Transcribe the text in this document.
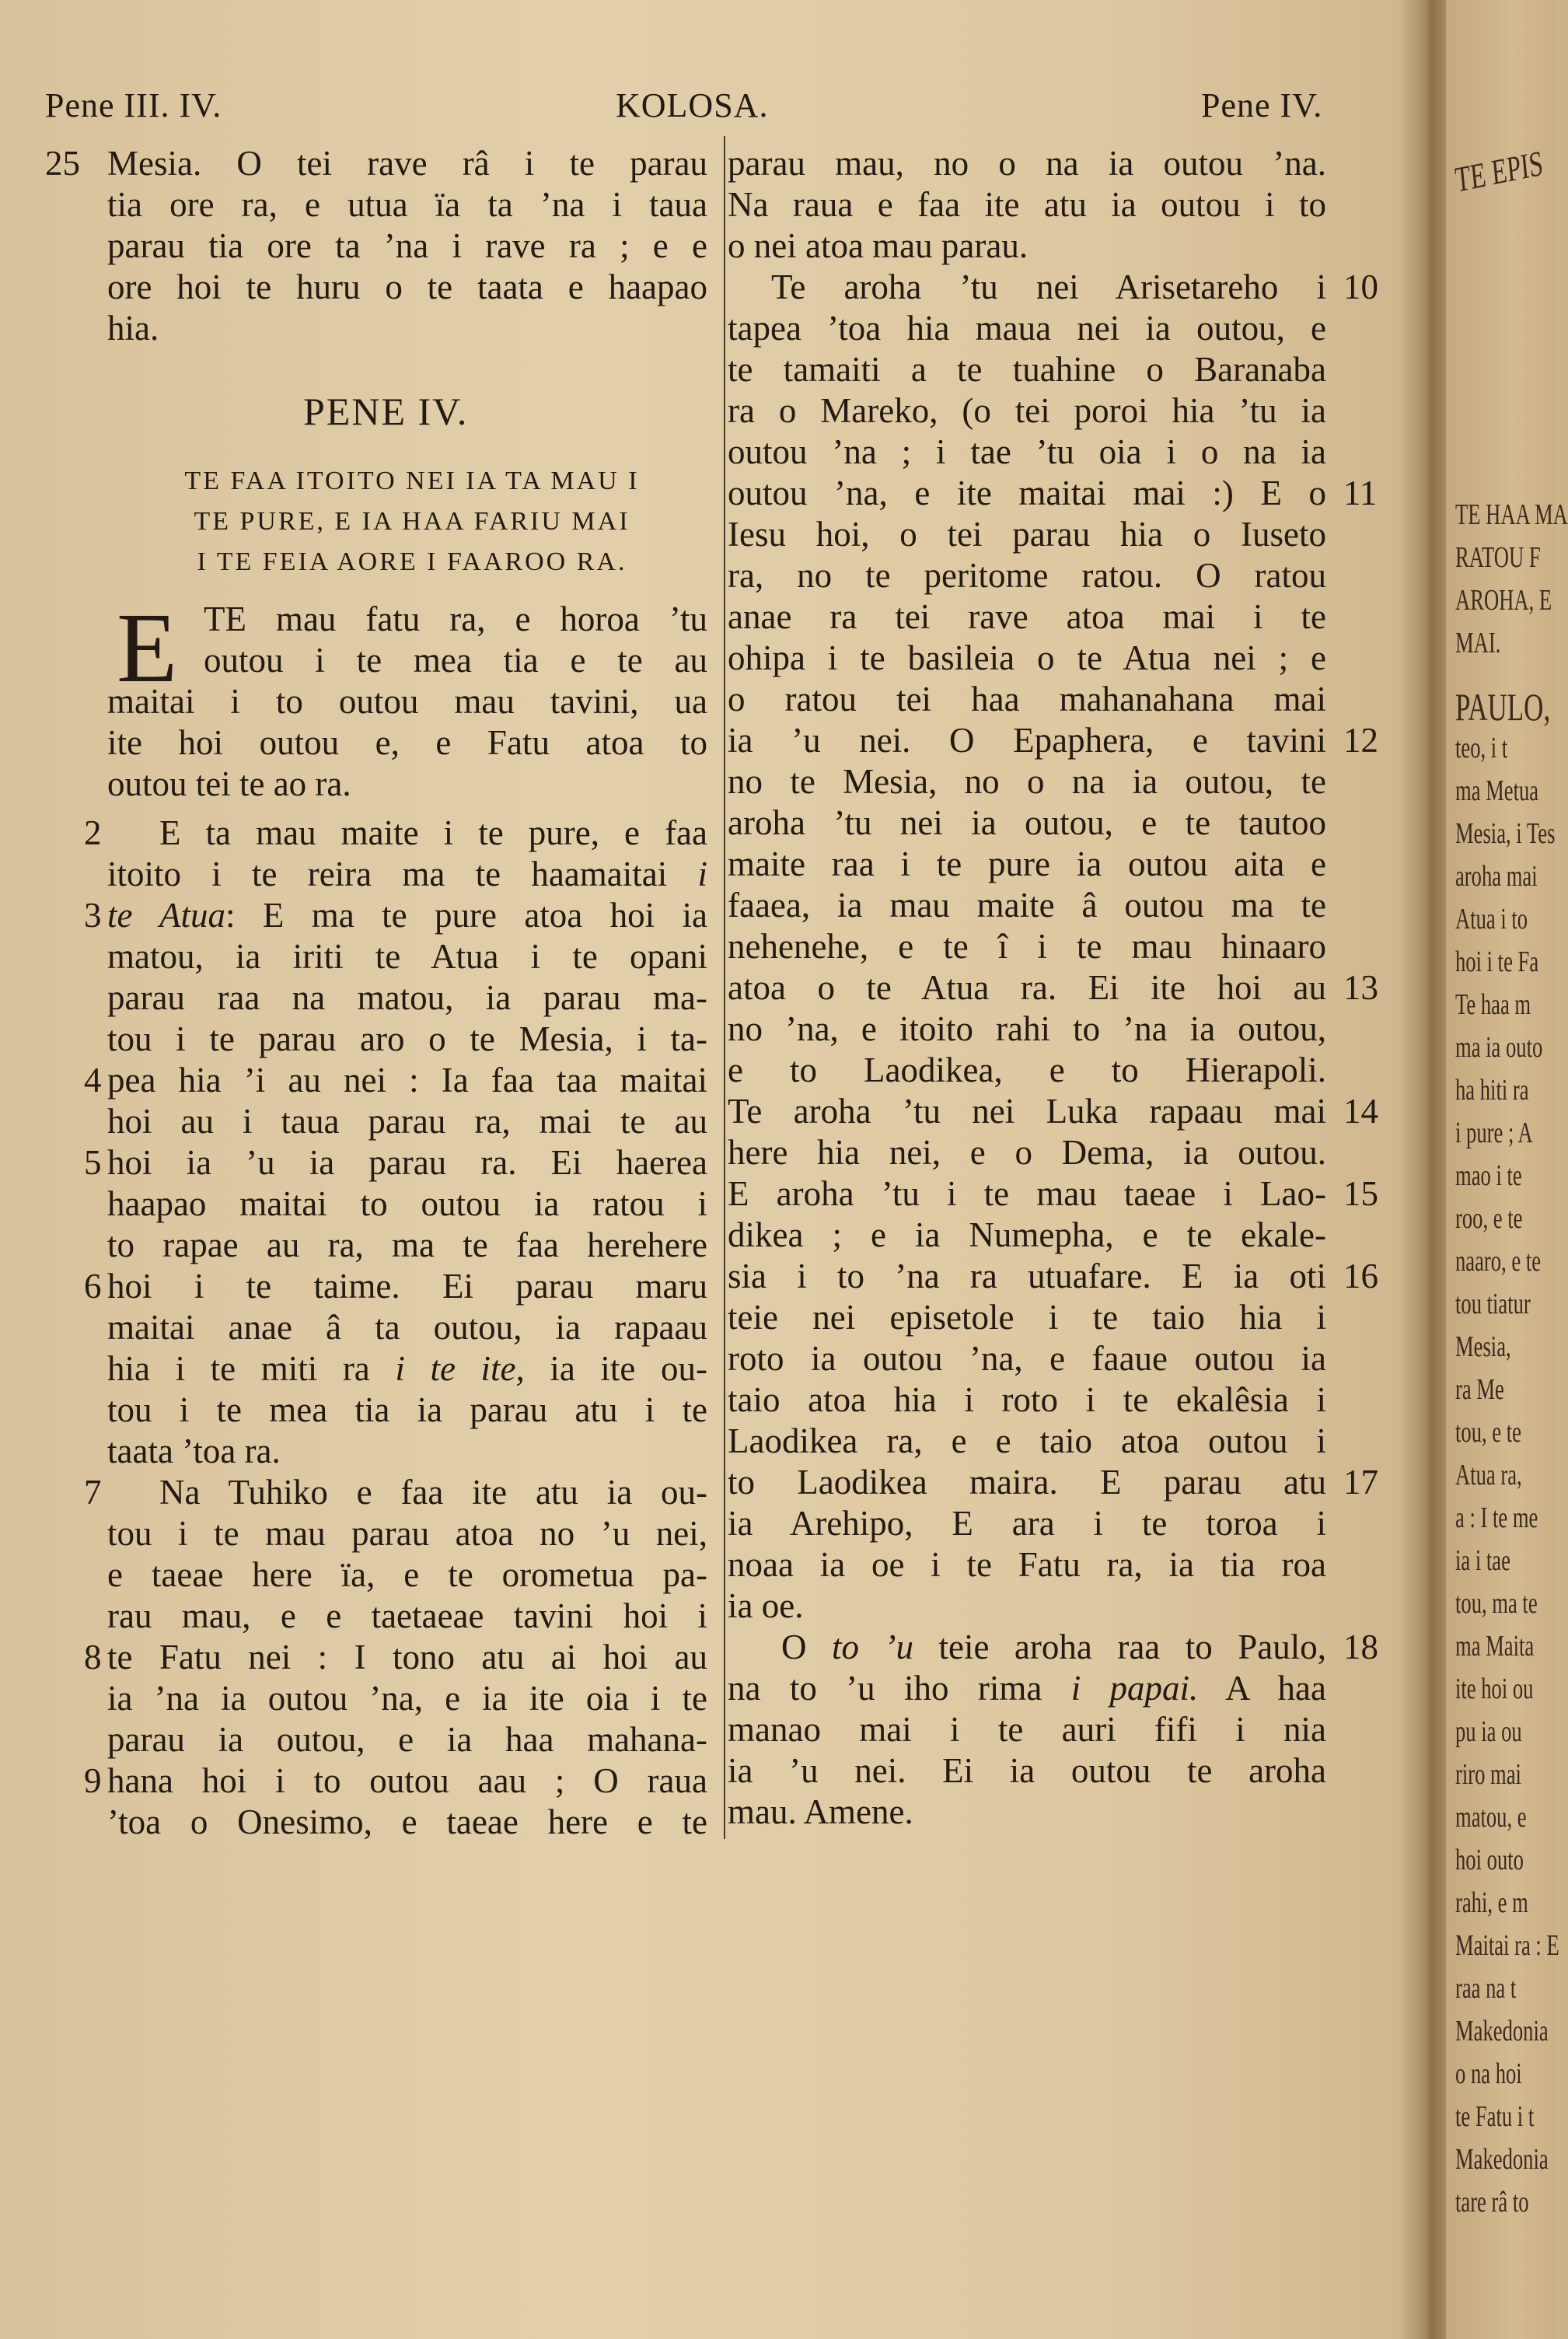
Pene III. IV.	KOLOSA.	Pene IV.
25 Mesia. O tei rave râ i te parau
tia ore ra, e utua ïa ta ’na i taua
parau tia ore ta ’na i rave ra ; e e
ore hoi te huru o te taata e haapao
hia.
PENE IV.
TE FAA ITOITO NEI IA TA MAU I
TE PURE, E IA HAA FARIU MAI
I TE FEIA AORE I FAAROO RA.
E TE mau fatu ra, e horoa ’tu
outou i te mea tia e te au
maitai i to outou mau tavini, ua
ite hoi outou e, e Fatu atoa to
outou tei te ao ra.
2 E ta mau maite i te pure, e faa
itoito i te reira ma te haamaitai i
3 te Atua: E ma te pure atoa hoi ia
matou, ia iriti te Atua i te opani
parau raa na matou, ia parau ma-
tou i te parau aro o te Mesia, i ta-
4 pea hia ’i au nei : Ia faa taa maitai
hoi au i taua parau ra, mai te au
5 hoi ia ’u ia parau ra. Ei haerea
haapao maitai to outou ia ratou i
to rapae au ra, ma te faa herehere
6 hoi i te taime. Ei parau maru
maitai anae â ta outou, ia rapaau
hia i te miti ra i te ite, ia ite ou-
tou i te mea tia ia parau atu i te
taata ’toa ra.
7 Na Tuhiko e faa ite atu ia ou-
tou i te mau parau atoa no ’u nei,
e taeae here ïa, e te orometua pa-
rau mau, e e taetaeae tavini hoi i
8 te Fatu nei : I tono atu ai hoi au
ia ’na ia outou ’na, e ia ite oia i te
parau ia outou, e ia haa mahana-
9 hana hoi i to outou aau ; O raua
’toa o Onesimo, e taeae here e te
parau mau, no o na ia outou ’na.
Na raua e faa ite atu ia outou i to
o nei atoa mau parau.
Te aroha ’tu nei Arisetareho i 10
tapea ’toa hia maua nei ia outou, e
te tamaiti a te tuahine o Baranaba
ra o Mareko, (o tei poroi hia ’tu ia
outou ’na ; i tae ’tu oia i o na ia
outou ’na, e ite maitai mai :) E o 11
Iesu hoi, o tei parau hia o Iuseto
ra, no te peritome ratou. O ratou
anae ra tei rave atoa mai i te
ohipa i te basileia o te Atua nei ; e
o ratou tei haa mahanahana mai
ia ’u nei. O Epaphera, e tavini 12
no te Mesia, no o na ia outou, te
aroha ’tu nei ia outou, e te tautoo
maite raa i te pure ia outou aita e
faaea, ia mau maite â outou ma te
nehenehe, e te î i te mau hinaaro
atoa o te Atua ra. Ei ite hoi au 13
no ’na, e itoito rahi to ’na ia outou,
e to Laodikea, e to Hierapoli.
Te aroha ’tu nei Luka rapaau mai 14
here hia nei, e o Dema, ia outou.
E aroha ’tu i te mau taeae i Lao- 15
dikea ; e ia Numepha, e te ekale-
sia i to ’na ra utuafare. E ia oti 16
teie nei episetole i te taio hia i
roto ia outou ’na, e faaue outou ia
taio atoa hia i roto i te ekalêsia i
Laodikea ra, e e taio atoa outou i
to Laodikea maira. E parau atu 17
ia Arehipo, E ara i te toroa i
noaa ia oe i te Fatu ra, ia tia roa
ia oe.
O to ’u teie aroha raa to Paulo, 18
na to ’u iho rima i papai. A haa
manao mai i te auri fifi i nia
ia ’u nei. Ei ia outou te aroha
mau. Amene.
TE EPIS
TE HAA MA
RATOU F
AROHA, E
MAI.
PAULO,
teo, i t
ma Metua
Mesia, i Tes
aroha mai
Atua i to
hoi i te Fa
Te haa m
ma ia outo
ha hiti ra
i pure ; A
mao i te
roo, e te
naaro, e te
tou tiatur
Mesia,
ra Me
tou, e te
Atua ra,
a : I te me
ia i tae
tou, ma te
ma Maita
ite hoi ou
pu ia ou
riro mai
matou, e
hoi outo
rahi, e m
Maitai ra : E
raa na t
Makedonia
o na hoi
te Fatu i t
Makedonia
tare râ to
